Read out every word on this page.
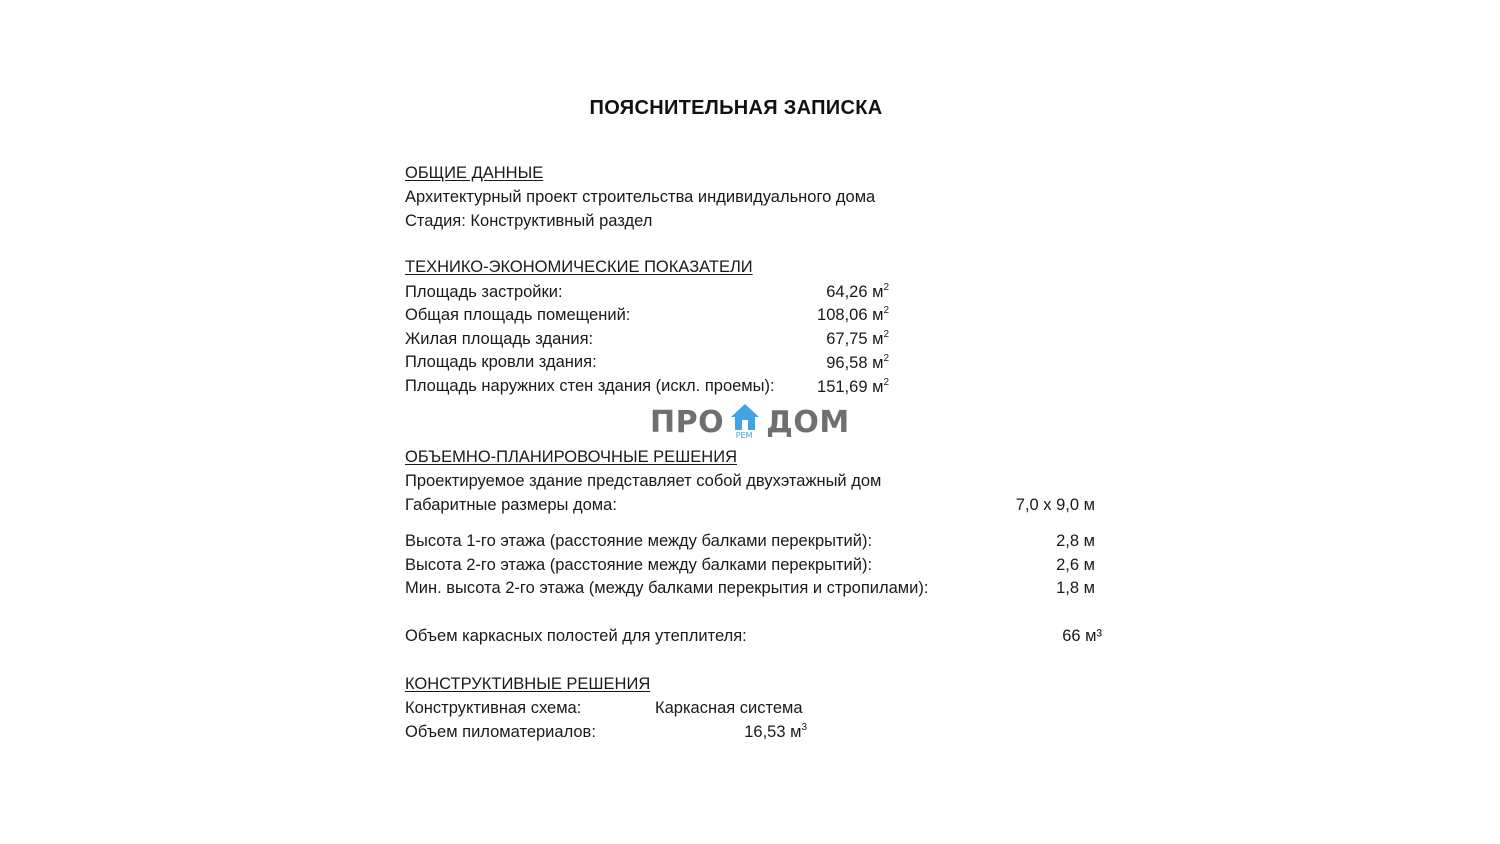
ПОЯСНИТЕЛЬНАЯ ЗАПИСКА
ОБЩИЕ ДАННЫЕ
Архитектурный проект строительства индивидуального дома
Стадия: Конструктивный раздел
ТЕХНИКО-ЭКОНОМИЧЕСКИЕ ПОКАЗАТЕЛИ
Площадь застройки:	64,26 $м^2$
Общая площадь помещений:	108,06 $м^2$
Жилая площадь здания:	67,75 $м^2$
Площадь кровли здания:	96,58 $м^2$
Площадь наружних стен здания (искл. проемы):	151,69 $м^2$
ПРО	РЕМ ДОМ
ОБЪЕМНО-ПЛАНИРОВОЧНЫЕ РЕШЕНИЯ
Проектируемое здание представляет собой двухэтажный дом
Габаритные размеры дома:	7,0 х 9,0 м
Высота 1-го этажа (расстояние между балками перекрытий):	2,8 м
Высота 2-го этажа (расстояние между балками перекрытий):	2,6 м
Мин. высота 2-го этажа (между балками перекрытия и стропилами):	1,8 м
Объем каркасных полостей для утеплителя:	66 м³
КОНСТРУКТИВНЫЕ РЕШЕНИЯ
Конструктивная схема:	Каркасная система
Объем пиломатериалов:	16,53 $м^3$
